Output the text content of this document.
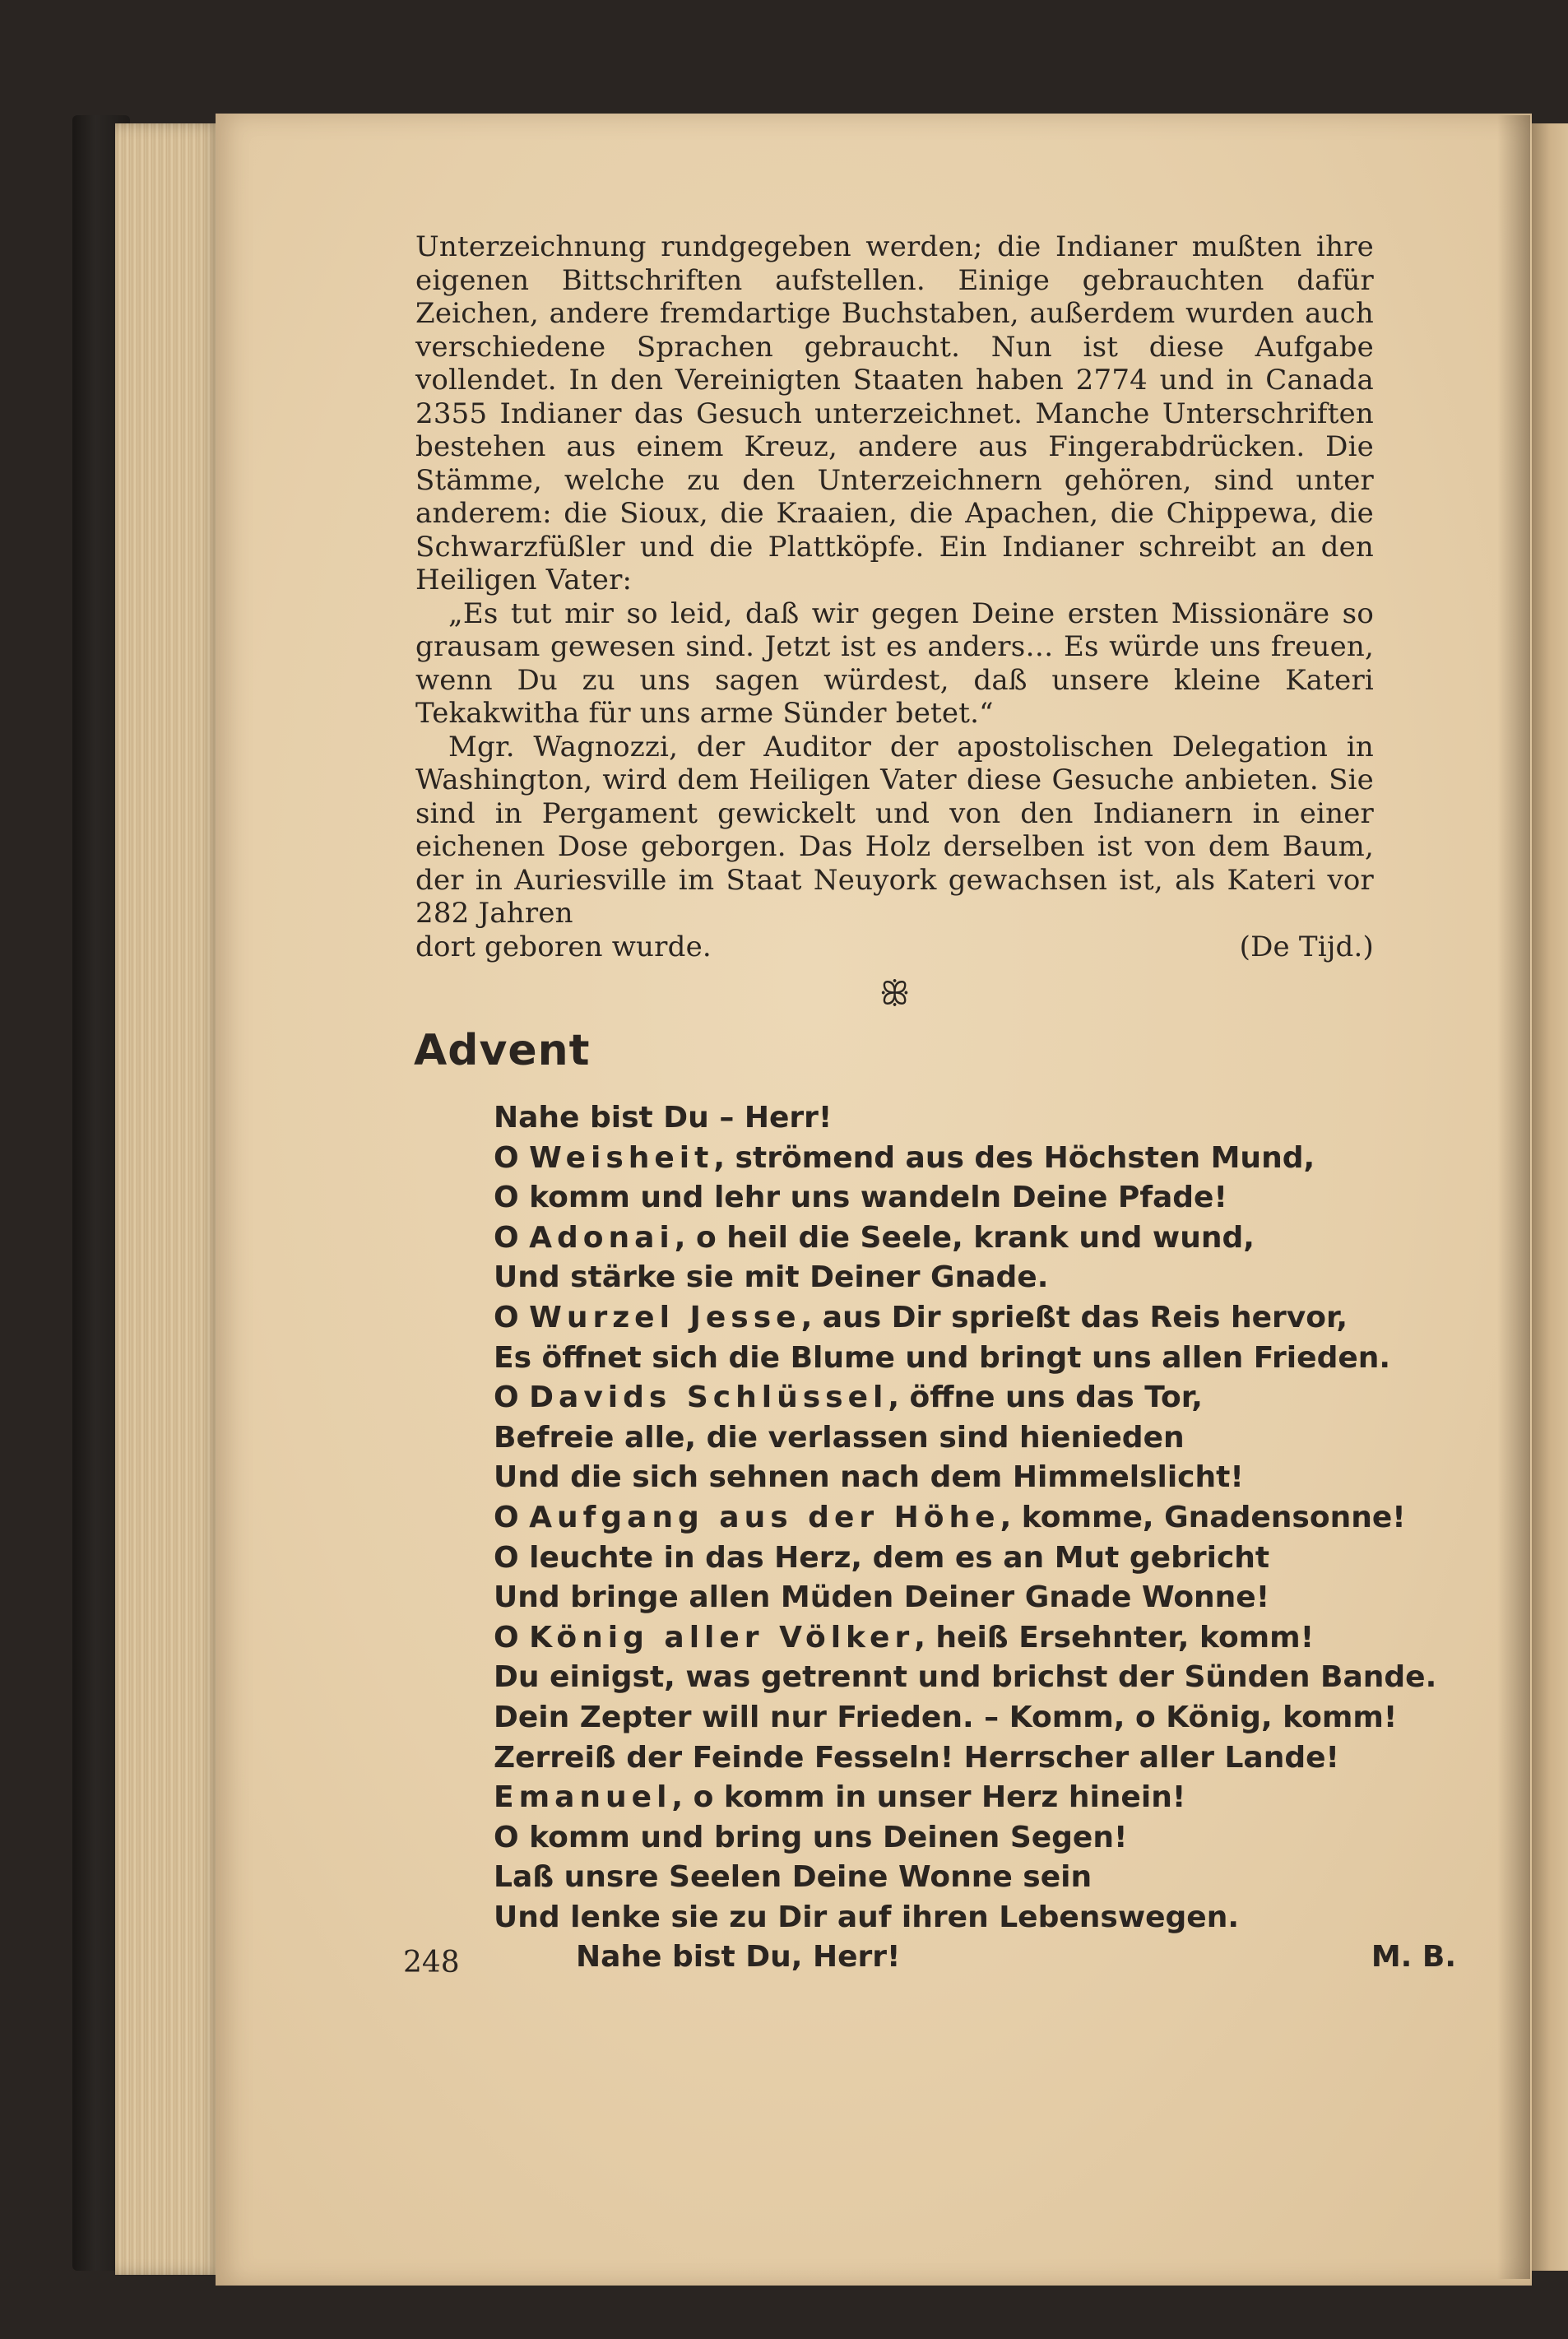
Unterzeichnung rundgegeben werden; die Indianer mußten ihre eigenen Bittschriften aufstellen. Einige gebrauchten dafür Zeichen, andere fremdartige Buchstaben, außerdem wurden auch verschiedene Sprachen gebraucht. Nun ist diese Aufgabe vollendet. In den Vereinigten Staaten haben 2774 und in Canada 2355 Indianer das Gesuch unterzeichnet. Manche Unterschriften bestehen aus einem Kreuz, andere aus Fingerabdrücken. Die Stämme, welche zu den Unterzeichnern gehören, sind unter anderem: die Sioux, die Kraaien, die Apachen, die Chippewa, die Schwarzfüßler und die Plattköpfe. Ein Indianer schreibt an den Heiligen Vater:

„Es tut mir so leid, daß wir gegen Deine ersten Missionäre so grausam gewesen sind. Jetzt ist es anders… Es würde uns freuen, wenn Du zu uns sagen würdest, daß unsere kleine Kateri Tekakwitha für uns arme Sünder betet.“

Mgr. Wagnozzi, der Auditor der apostolischen Delegation in Washington, wird dem Heiligen Vater diese Gesuche anbieten. Sie sind in Pergament gewickelt und von den Indianern in einer eichenen Dose geborgen. Das Holz derselben ist von dem Baum, der in Auriesville im Staat Neuyork gewachsen ist, als Kateri vor 282 Jahren

dort geboren wurde.	(De Tijd.)

ꕥ
Advent
Nahe bist Du – Herr!
O Weisheit, strömend aus des Höchsten Mund,
O komm und lehr uns wandeln Deine Pfade!
O Adonai, o heil die Seele, krank und wund,
Und stärke sie mit Deiner Gnade.
O Wurzel Jesse, aus Dir sprießt das Reis hervor,
Es öffnet sich die Blume und bringt uns allen Frieden.
O Davids Schlüssel, öffne uns das Tor,
Befreie alle, die verlassen sind hienieden
Und die sich sehnen nach dem Himmelslicht!
O Aufgang aus der Höhe, komme, Gnadensonne!
O leuchte in das Herz, dem es an Mut gebricht
Und bringe allen Müden Deiner Gnade Wonne!
O König aller Völker, heiß Ersehnter, komm!
Du einigst, was getrennt und brichst der Sünden Bande.
Dein Zepter will nur Frieden. – Komm, o König, komm!
Zerreiß der Feinde Fesseln! Herrscher aller Lande!
Emanuel, o komm in unser Herz hinein!
O komm und bring uns Deinen Segen!
Laß unsre Seelen Deine Wonne sein
Und lenke sie zu Dir auf ihren Lebenswegen.
Nahe bist Du, Herr!	M. B.
248
